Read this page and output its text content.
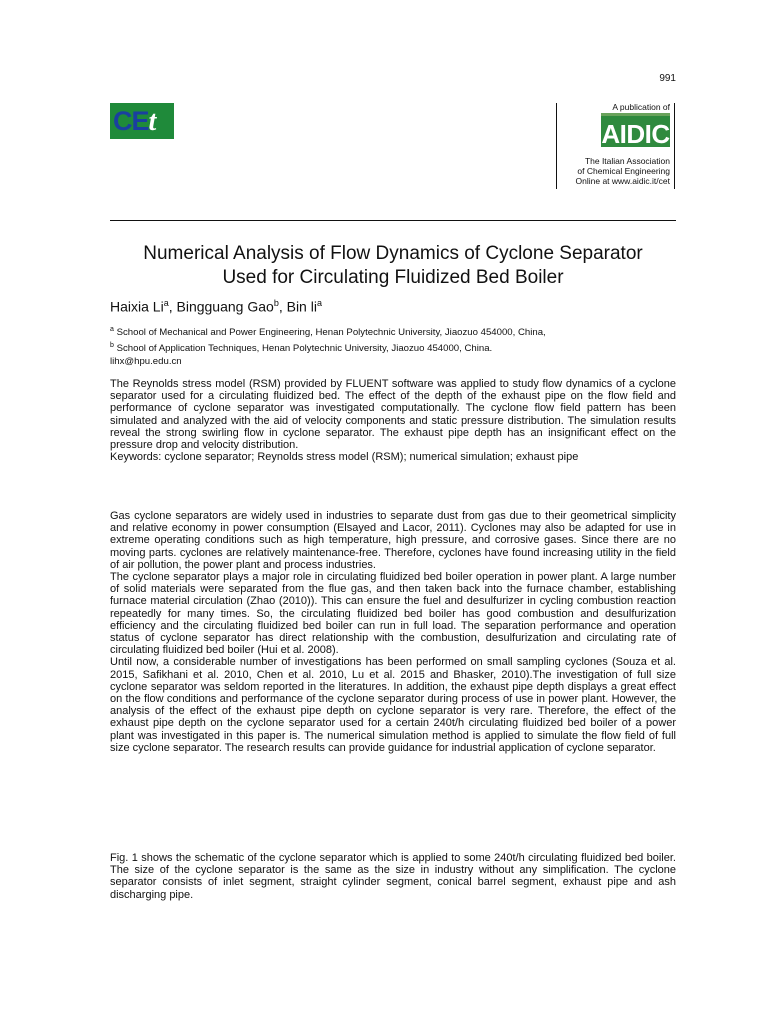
991
CEt	A publication of
AIDIC
The Italian Association
of Chemical Engineering
Online at www.aidic.it/cet
Numerical Analysis of Flow Dynamics of Cyclone Separator
Used for Circulating Fluidized Bed Boiler
Haixia Li$^a$, Bingguang Gao$^b$, Bin $li^a$
$^a$ School of Mechanical and Power Engineering, Henan Polytechnic University, Jiaozuo 454000, China,
$^b$ School of Application Techniques, Henan Polytechnic University, Jiaozuo 454000, China.
lihx@hpu.edu.cn

The Reynolds stress model (RSM) provided by FLUENT software was applied to study flow dynamics of a cyclone separator used for a circulating fluidized bed. The effect of the depth of the exhaust pipe on the flow field and performance of cyclone separator was investigated computationally. The cyclone flow field pattern has been simulated and analyzed with the aid of velocity components and static pressure distribution. The simulation results reveal the strong swirling flow in cyclone separator. The exhaust pipe depth has an insignificant effect on the pressure drop and velocity distribution.

Keywords: cyclone separator; Reynolds stress model (RSM); numerical simulation; exhaust pipe

Gas cyclone separators are widely used in industries to separate dust from gas due to their geometrical simplicity and relative economy in power consumption (Elsayed and Lacor, 2011). Cyclones may also be adapted for use in extreme operating conditions such as high temperature, high pressure, and corrosive gases. Since there are no moving parts. cyclones are relatively maintenance-free. Therefore, cyclones have found increasing utility in the field of air pollution, the power plant and process industries.

The cyclone separator plays a major role in circulating fluidized bed boiler operation in power plant. A large number of solid materials were separated from the flue gas, and then taken back into the furnace chamber, establishing furnace material circulation (Zhao (2010)). This can ensure the fuel and desulfurizer in cycling combustion reaction repeatedly for many times. So, the circulating fluidized bed boiler has good combustion and desulfurization efficiency and the circulating fluidized bed boiler can run in full load. The separation performance and operation status of cyclone separator has direct relationship with the combustion, desulfurization and circulating rate of circulating fluidized bed boiler (Hui et al. 2008).

Until now, a considerable number of investigations has been performed on small sampling cyclones (Souza et al. 2015, Safikhani et al. 2010, Chen et al. 2010, Lu et al. 2015 and Bhasker, 2010).The investigation of full size cyclone separator was seldom reported in the literatures. In addition, the exhaust pipe depth displays a great effect on the flow conditions and performance of the cyclone separator during process of use in power plant. However, the analysis of the effect of the exhaust pipe depth on cyclone separator is very rare. Therefore, the effect of the exhaust pipe depth on the cyclone separator used for a certain 240t/h circulating fluidized bed boiler of a power plant was investigated in this paper is. The numerical simulation method is applied to simulate the flow field of full size cyclone separator. The research results can provide guidance for industrial application of cyclone separator.

Fig. 1 shows the schematic of the cyclone separator which is applied to some 240t/h circulating fluidized bed boiler. The size of the cyclone separator is the same as the size in industry without any simplification. The cyclone separator consists of inlet segment, straight cylinder segment, conical barrel segment, exhaust pipe and ash discharging pipe.
